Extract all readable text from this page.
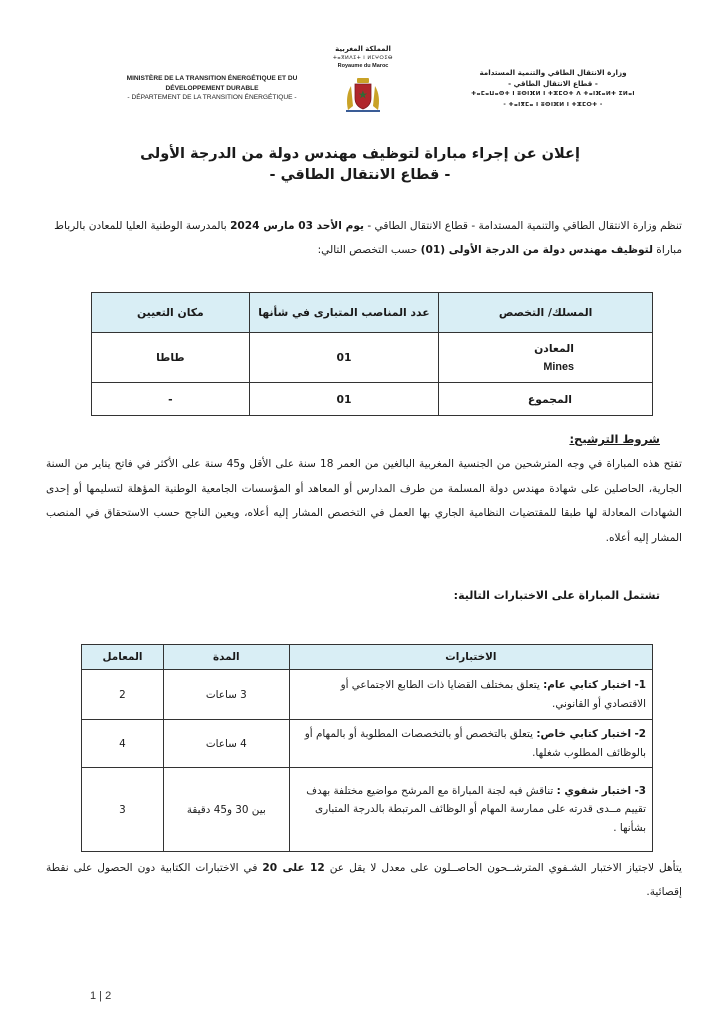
MINISTÈRE DE LA TRANSITION ÉNERGÉTIQUE ET DU
DÉVELOPPEMENT DURABLE
- DÉPARTEMENT DE LA TRANSITION ÉNERGÉTIQUE -
المملكة المغربية
ⵜⴰⴳⵍⴷⵉⵜ ⵏ ⵍⵎⵖⵔⵉⴱ
Royaume du Maroc
وزارة الانتقال الطاقي والتنمية المستدامة
- قطاع الانتقال الطاقي -
ⵜⴰⵎⴰⵡⴰⵙⵜ ⵏ ⵓⵙⵏⴼⵍ ⵏ ⵜⵣⵎⵔⵜ ⴷ ⵜⴰⵏⴼⴰⵍⵜ ⵉⵍⴰⵏ
- ⵜⴰⵏⴳⵎⴰ ⵏ ⵓⵙⵏⴼⵍ ⵏ ⵜⵣⵎⵔⵜ -
إعلان عن إجراء مباراة لتوظيف مهندس دولة من الدرجة الأولى
- قطاع الانتقال الطاقي -
تنظم وزارة الانتقال الطاقي والتنمية المستدامة - قطاع الانتقال الطاقي - يوم الأحد 03 مارس 2024 بالمدرسة الوطنية العليا للمعادن بالرباط مباراة لتوظيف مهندس دولة من الدرجة الأولى (01) حسب التخصص التالي:
المسلك/ التخصص	عدد المناصب المتبارى في شأنها	مكان التعيين

المعادن
Mines	01	طاطا
المجموع	01	-
شروط الترشيح:
تفتح هذه المباراة في وجه المترشحين من الجنسية المغربية البالغين من العمر 18 سنة على الأقل و45 سنة على الأكثر في فاتح يناير من السنة الجارية، الحاصلين على شهادة مهندس دولة المسلمة من طرف المدارس أو المعاهد أو المؤسسات الجامعية الوطنية المؤهلة لتسليمها أو إحدى الشهادات المعادلة لها طبقا للمقتضيات النظامية الجاري بها العمل في التخصص المشار إليه أعلاه، ويعين الناجح حسب الاستحقاق في المنصب المشار إليه أعلاه.
تشتمل المباراة على الاختبارات التالية:
الاختبارات	المدة	المعامل
1- اختبار كتابي عام: يتعلق بمختلف القضايا ذات الطابع الاجتماعي أو الاقتصادي أو القانوني.	3 ساعات	2
2- اختبار كتابي خاص: يتعلق بالتخصص أو بالتخصصات المطلوبة أو بالمهام أو بالوظائف المطلوب شغلها.	4 ساعات	4
3- اختبار شفوي : تناقش فيه لجنة المباراة مع المرشح مواضيع مختلفة بهدف تقييم مــدى قدرته على ممارسة المهام أو الوظائف المرتبطة بالدرجة المتبارى بشأنها .	بين 30 و45 دقيقة	3
يتأهل لاجتياز الاختبار الشـفوي المترشــحون الحاصــلون على معدل لا يقل عن 12 على 20 في الاختبارات الكتابية دون الحصول على نقطة إقصائية.
1 | 2
